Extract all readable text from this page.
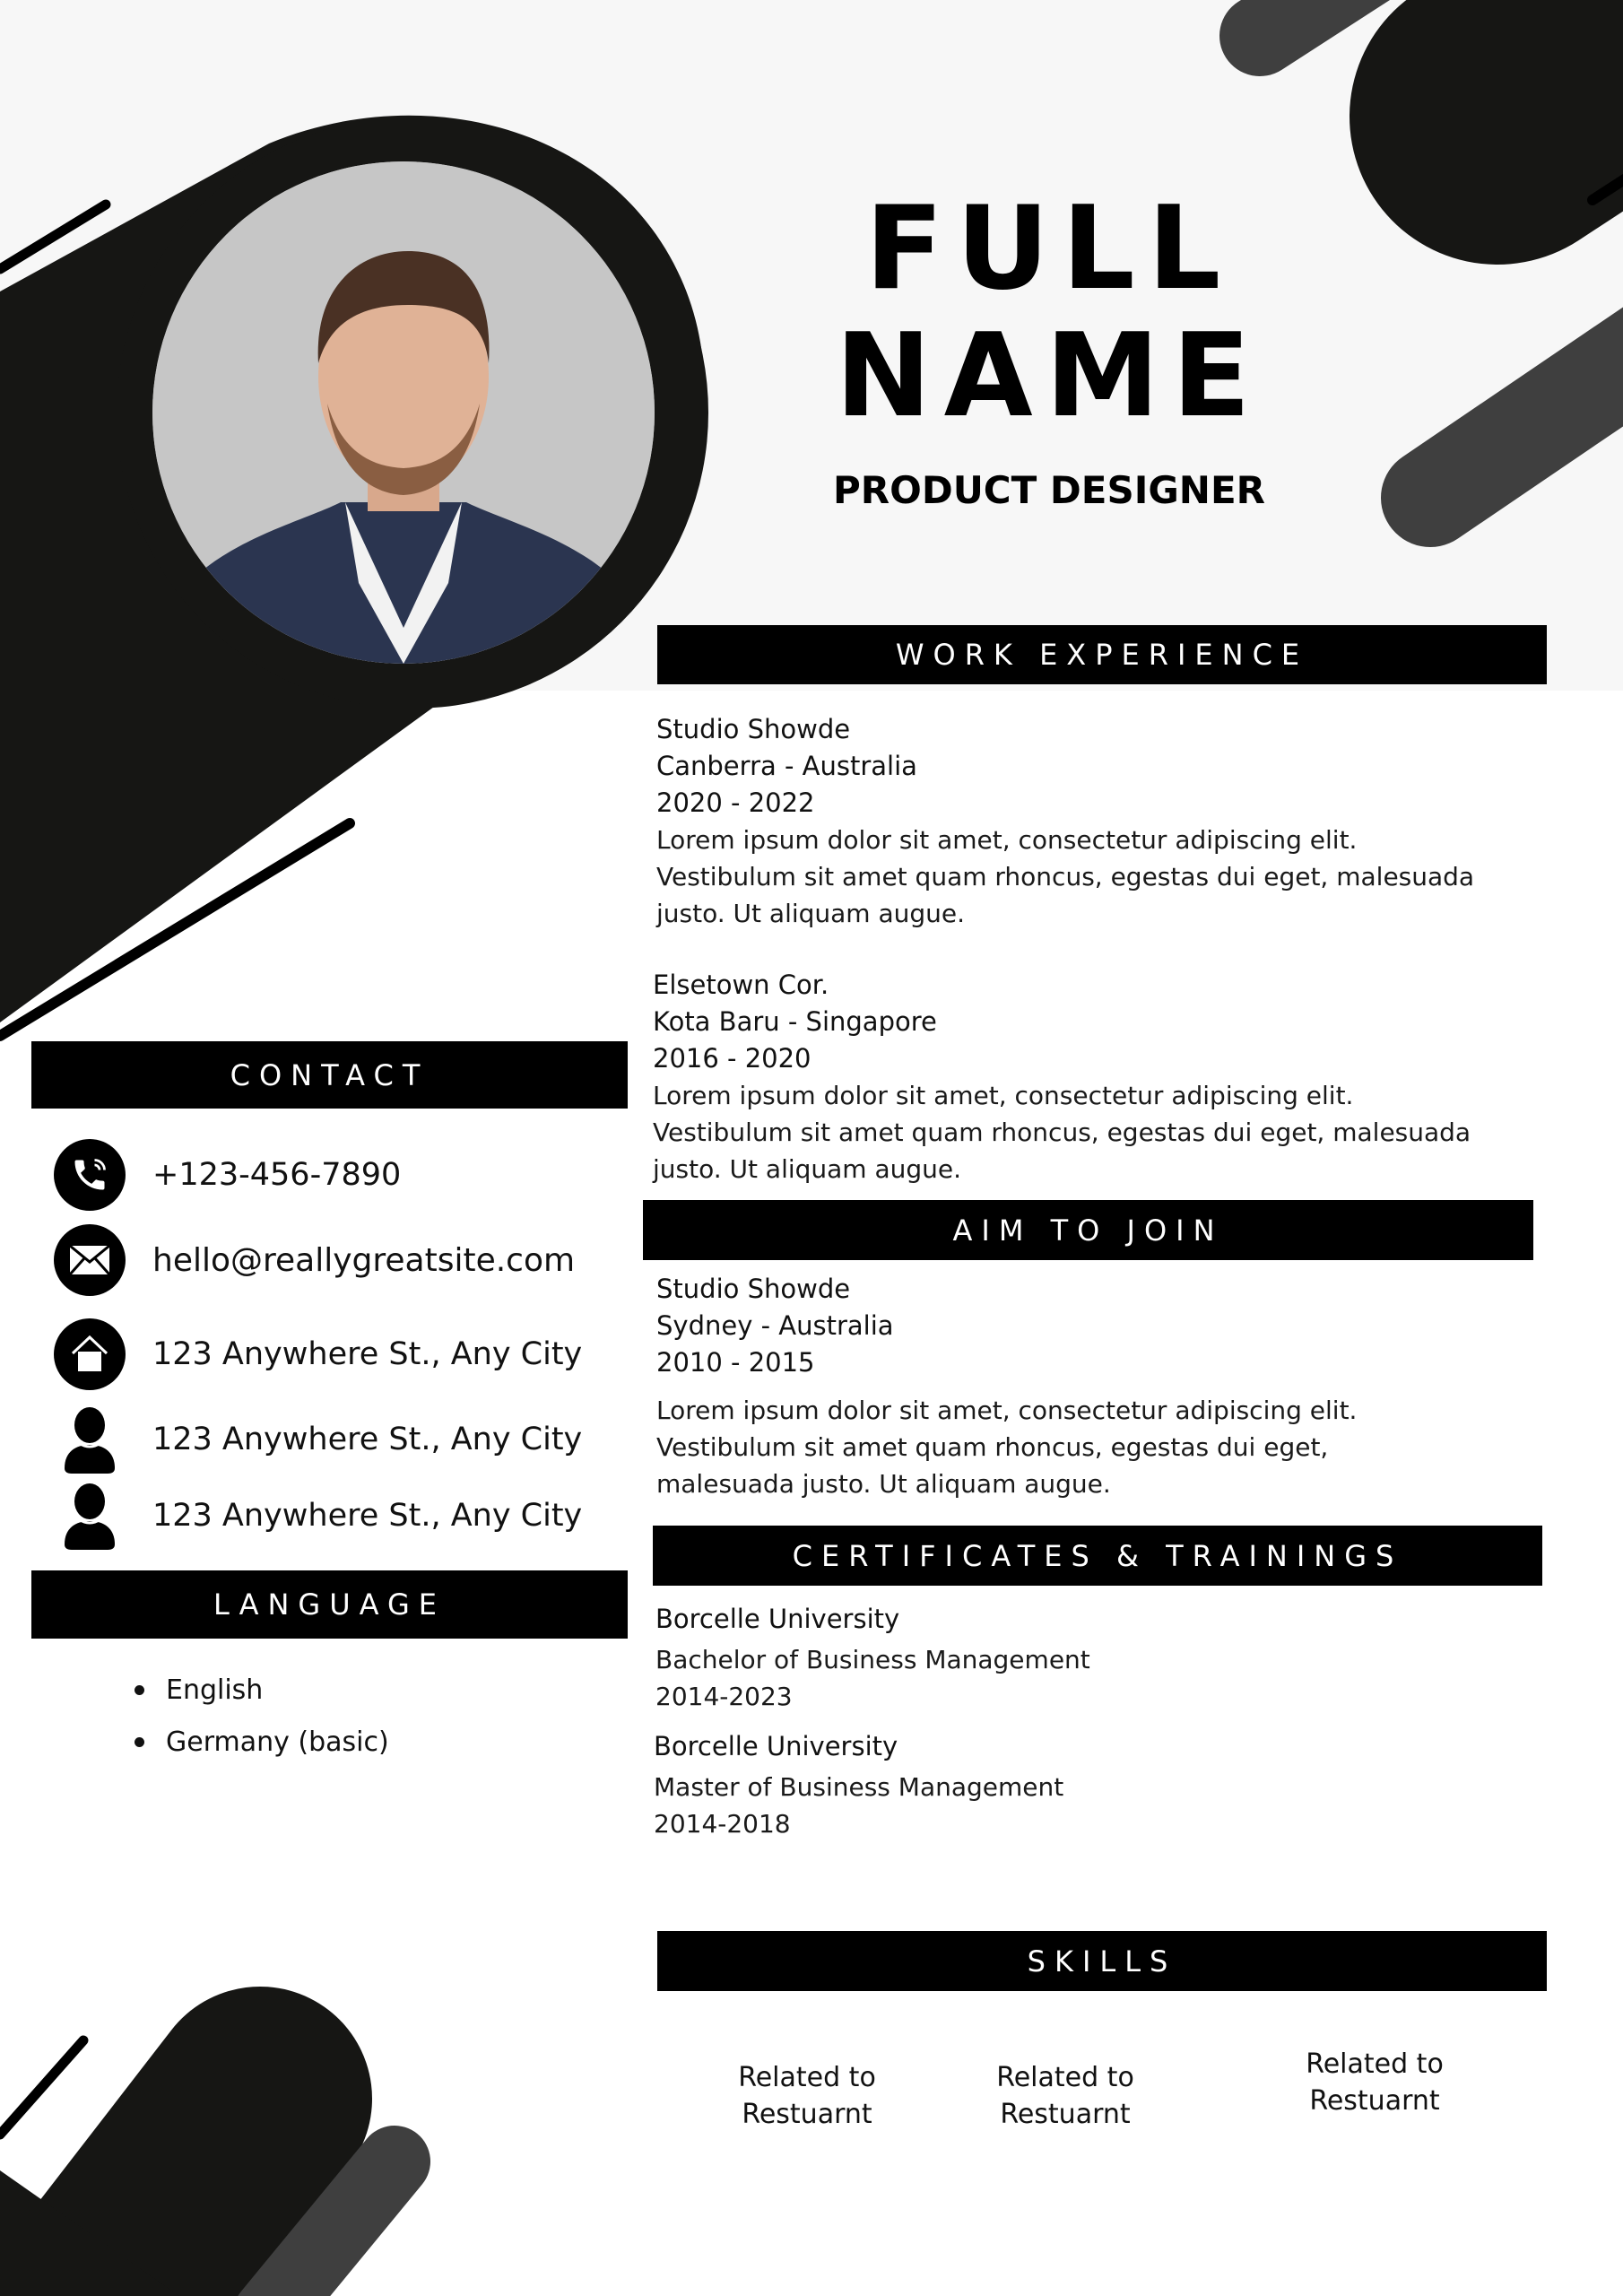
FULL
NAME
PRODUCT DESIGNER
WORK EXPERIENCE
Studio Showde
Canberra - Australia
2020 - 2022
Lorem ipsum dolor sit amet, consectetur adipiscing elit.
Vestibulum sit amet quam rhoncus, egestas dui eget, malesuada
justo. Ut aliquam augue.
Elsetown Cor.
Kota Baru - Singapore
2016 - 2020
Lorem ipsum dolor sit amet, consectetur adipiscing elit.
Vestibulum sit amet quam rhoncus, egestas dui eget, malesuada
justo. Ut aliquam augue.
AIM TO JOIN
Studio Showde
Sydney - Australia
2010 - 2015
Lorem ipsum dolor sit amet, consectetur adipiscing elit.
Vestibulum sit amet quam rhoncus, egestas dui eget,
malesuada justo. Ut aliquam augue.
CERTIFICATES & TRAININGS
Borcelle University
Bachelor of Business Management
2014-2023
Borcelle University
Master of Business Management
2014-2018
SKILLS
Related to
Restuarnt
Related to
Restuarnt
Related to
Restuarnt
CONTACT
+123-456-7890
hello@reallygreatsite.com
123 Anywhere St., Any City
123 Anywhere St., Any City
123 Anywhere St., Any City
LANGUAGE
English
Germany (basic)
